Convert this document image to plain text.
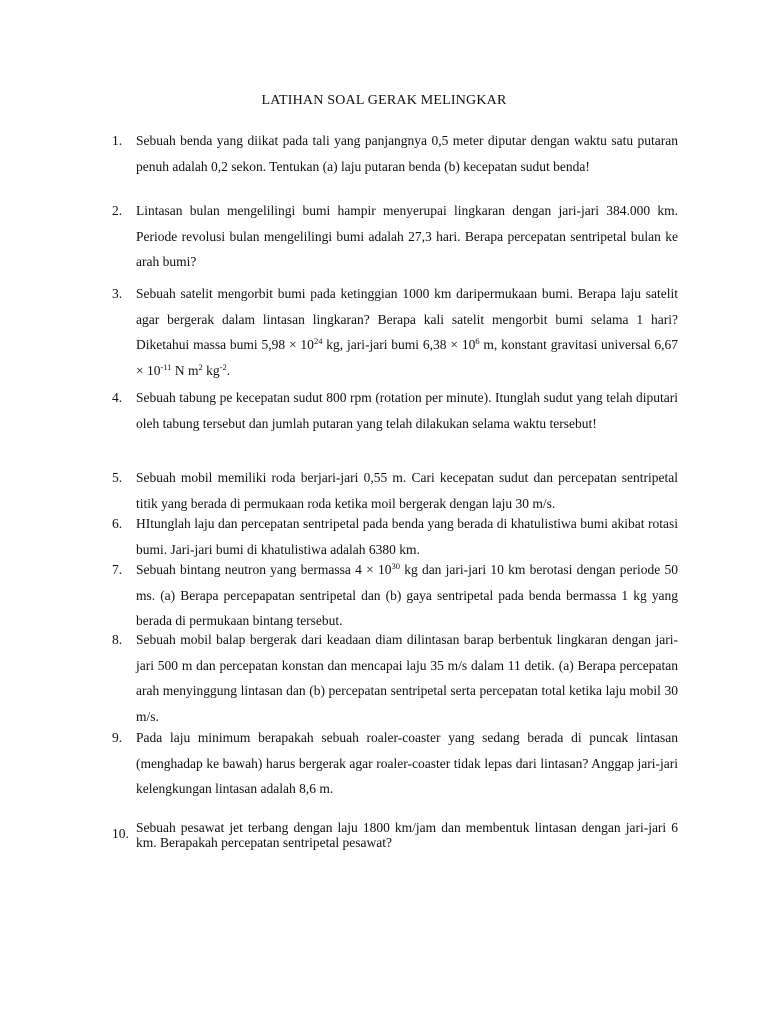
LATIHAN SOAL GERAK MELINGKAR
1.	Sebuah benda yang diikat pada tali yang panjangnya 0,5 meter diputar dengan waktu satu putaran penuh adalah 0,2 sekon. Tentukan (a) laju putaran benda (b) kecepatan sudut benda!
2.	Lintasan bulan mengelilingi bumi hampir menyerupai lingkaran dengan jari-jari 384.000 km. Periode revolusi bulan mengelilingi bumi adalah 27,3 hari. Berapa percepatan sentripetal bulan ke arah bumi?
3.	Sebuah satelit mengorbit bumi pada ketinggian 1000 km daripermukaan bumi. Berapa laju satelit agar bergerak dalam lintasan lingkaran? Berapa kali satelit mengorbit bumi selama 1 hari? Diketahui massa bumi $5,98 \times 10^{24}$ kg, jari-jari bumi $6,38 \times 10^6$ m, konstant gravitasi universal $6,67 \times 10^{-11}$ N $m^2$ $kg^{-2}$.
4.	Sebuah tabung pe kecepatan sudut 800 rpm (rotation per minute). Itunglah sudut yang telah diputari oleh tabung tersebut dan jumlah putaran yang telah dilakukan selama waktu tersebut!
5.	Sebuah mobil memiliki roda berjari-jari 0,55 m. Cari kecepatan sudut dan percepatan sentripetal titik yang berada di permukaan roda ketika moil bergerak dengan laju 30 m/s.
6.	HItunglah laju dan percepatan sentripetal pada benda yang berada di khatulistiwa bumi akibat rotasi bumi. Jari-jari bumi di khatulistiwa adalah 6380 km.
7.	Sebuah bintang neutron yang bermassa $4 \times 10^{30}$ kg dan jari-jari 10 km berotasi dengan periode 50 ms. (a) Berapa percepapatan sentripetal dan (b) gaya sentripetal pada benda bermassa 1 kg yang berada di permukaan bintang tersebut.
8.	Sebuah mobil balap bergerak dari keadaan diam dilintasan barap berbentuk lingkaran dengan jari-jari 500 m dan percepatan konstan dan mencapai laju 35 m/s dalam 11 detik. (a) Berapa percepatan arah menyinggung lintasan dan (b) percepatan sentripetal serta percepatan total ketika laju mobil 30 m/s.
9.	Pada laju minimum berapakah sebuah roaler-coaster yang sedang berada di puncak lintasan (menghadap ke bawah) harus bergerak agar roaler-coaster tidak lepas dari lintasan? Anggap jari-jari kelengkungan lintasan adalah 8,6 m.
10. Sebuah pesawat jet terbang dengan laju 1800 km/jam dan membentuk lintasan dengan jari-jari 6 km. Berapakah percepatan sentripetal pesawat?
